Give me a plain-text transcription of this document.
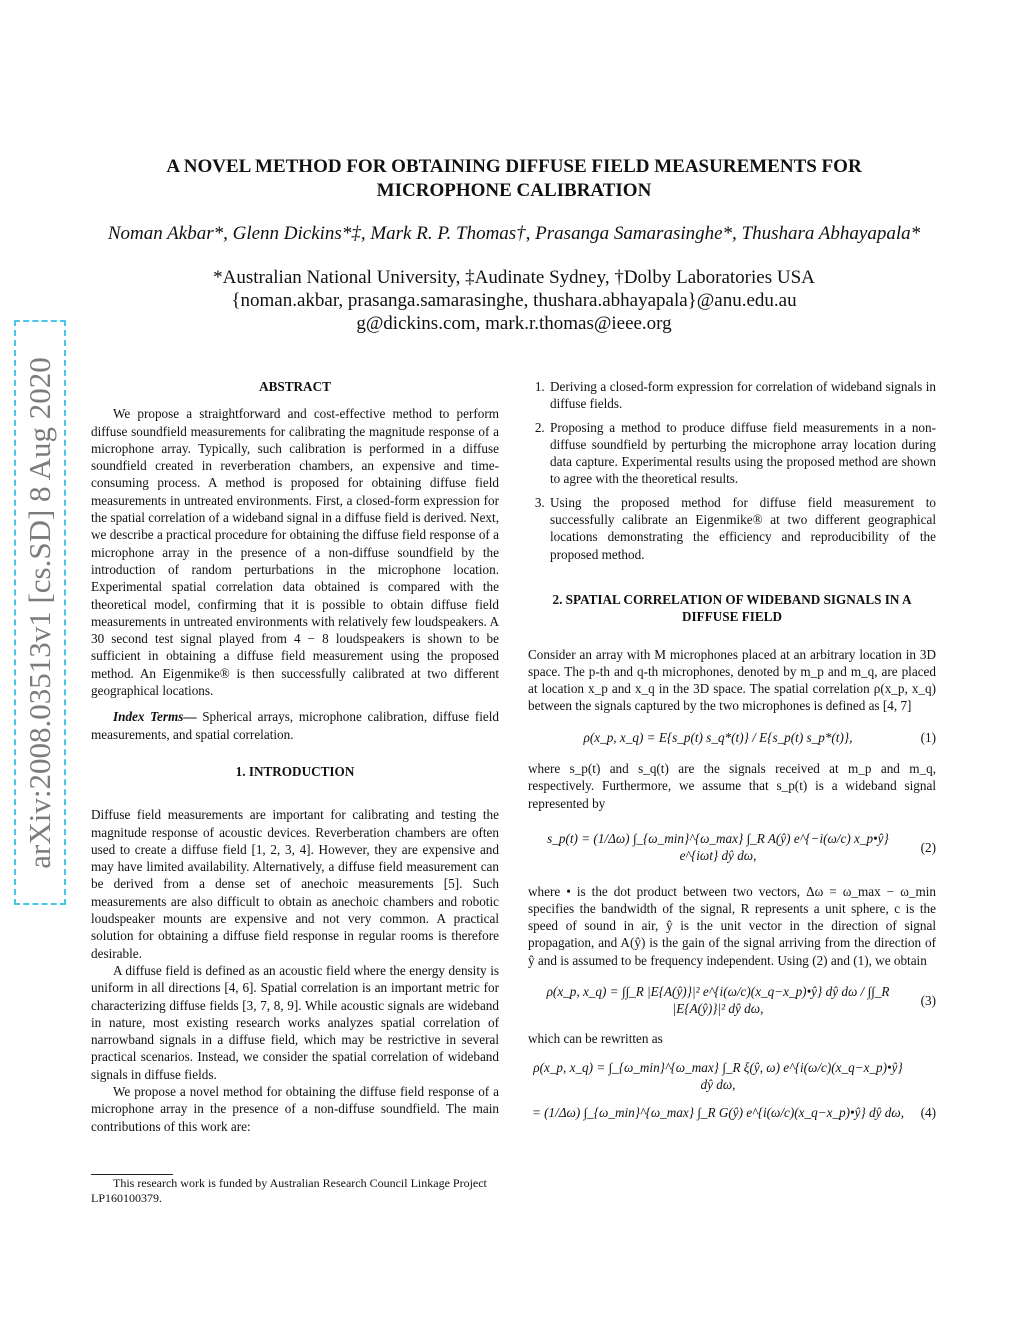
arXiv:2008.03513v1 [cs.SD] 8 Aug 2020
A NOVEL METHOD FOR OBTAINING DIFFUSE FIELD MEASUREMENTS FOR MICROPHONE CALIBRATION
Noman Akbar*, Glenn Dickins*‡, Mark R. P. Thomas†, Prasanga Samarasinghe*, Thushara Abhayapala*
*Australian National University, ‡Audinate Sydney, †Dolby Laboratories USA
{noman.akbar, prasanga.samarasinghe, thushara.abhayapala}@anu.edu.au
g@dickins.com, mark.r.thomas@ieee.org

ABSTRACT

We propose a straightforward and cost-effective method to perform diffuse soundfield measurements for calibrating the magnitude response of a microphone array. Typically, such calibration is performed in a diffuse soundfield created in reverberation chambers, an expensive and time-consuming process. A method is proposed for obtaining diffuse field measurements in untreated environments. First, a closed-form expression for the spatial correlation of a wideband signal in a diffuse field is derived. Next, we describe a practical procedure for obtaining the diffuse field response of a microphone array in the presence of a non-diffuse soundfield by the introduction of random perturbations in the microphone location. Experimental spatial correlation data obtained is compared with the theoretical model, confirming that it is possible to obtain diffuse field measurements in untreated environments with relatively few loudspeakers. A 30 second test signal played from 4 − 8 loudspeakers is shown to be sufficient in obtaining a diffuse field measurement using the proposed method. An Eigenmike® is then successfully calibrated at two different geographical locations.

Index Terms— Spherical arrays, microphone calibration, diffuse field measurements, and spatial correlation.

1. INTRODUCTION

Diffuse field measurements are important for calibrating and testing the magnitude response of acoustic devices. Reverberation chambers are often used to create a diffuse field [1, 2, 3, 4]. However, they are expensive and may have limited availability. Alternatively, a diffuse field measurement can be derived from a dense set of anechoic measurements [5]. Such measurements are also difficult to obtain as anechoic chambers and robotic loudspeaker mounts are expensive and not very common. A practical solution for obtaining a diffuse field response in regular rooms is therefore desirable.

A diffuse field is defined as an acoustic field where the energy density is uniform in all directions [4, 6]. Spatial correlation is an important metric for characterizing diffuse fields [3, 7, 8, 9]. While acoustic signals are wideband in nature, most existing research works analyzes spatial correlation of narrowband signals in a diffuse field, which may be restrictive in several practical scenarios. Instead, we consider the spatial correlation of wideband signals in diffuse fields.

We propose a novel method for obtaining the diffuse field response of a microphone array in the presence of a non-diffuse soundfield. The main contributions of this work are:

This research work is funded by Australian Research Council Linkage Project LP160100379.

1. Deriving a closed-form expression for correlation of wideband signals in diffuse fields.
2. Proposing a method to produce diffuse field measurements in a non-diffuse soundfield by perturbing the microphone array location during data capture. Experimental results using the proposed method are shown to agree with the theoretical results.
3. Using the proposed method for diffuse field measurement to successfully calibrate an Eigenmike® at two different geographical locations demonstrating the efficiency and reproducibility of the proposed method.

2. SPATIAL CORRELATION OF WIDEBAND SIGNALS IN A DIFFUSE FIELD

Consider an array with M microphones placed at an arbitrary location in 3D space. The p-th and q-th microphones, denoted by m_p and m_q, are placed at location x_p and x_q in the 3D space. The spatial correlation ρ(x_p, x_q) between the signals captured by the two microphones is defined as [4, 7]

ρ(x_p, x_q) = E{s_p(t) s_q*(t)} / E{s_p(t) s_p*(t)},	(1)

where s_p(t) and s_q(t) are the signals received at m_p and m_q, respectively. Furthermore, we assume that s_p(t) is a wideband signal represented by

s_p(t) = (1/Δω) ∫_{ω_min}^{ω_max} ∫_R A(ŷ) e^{−i(ω/c) x_p•ŷ} e^{iωt} dŷ dω,
(2)

where • is the dot product between two vectors, Δω = ω_max − ω_min specifies the bandwidth of the signal, R represents a unit sphere, c is the speed of sound in air, ŷ is the unit vector in the direction of signal propagation, and A(ŷ) is the gain of the signal arriving from the direction of ŷ and is assumed to be frequency independent. Using (2) and (1), we obtain

ρ(x_p, x_q) = ∫∫_R |E{A(ŷ)}|² e^{i(ω/c)(x_q−x_p)•ŷ} dŷ dω / ∫∫_R |E{A(ŷ)}|² dŷ dω,
(3)

which can be rewritten as

ρ(x_p, x_q) = ∫_{ω_min}^{ω_max} ∫_R ξ(ŷ, ω) e^{i(ω/c)(x_q−x_p)•ŷ} dŷ dω,
= (1/Δω) ∫_{ω_min}^{ω_max} ∫_R G(ŷ) e^{i(ω/c)(x_q−x_p)•ŷ} dŷ dω,	(4)
